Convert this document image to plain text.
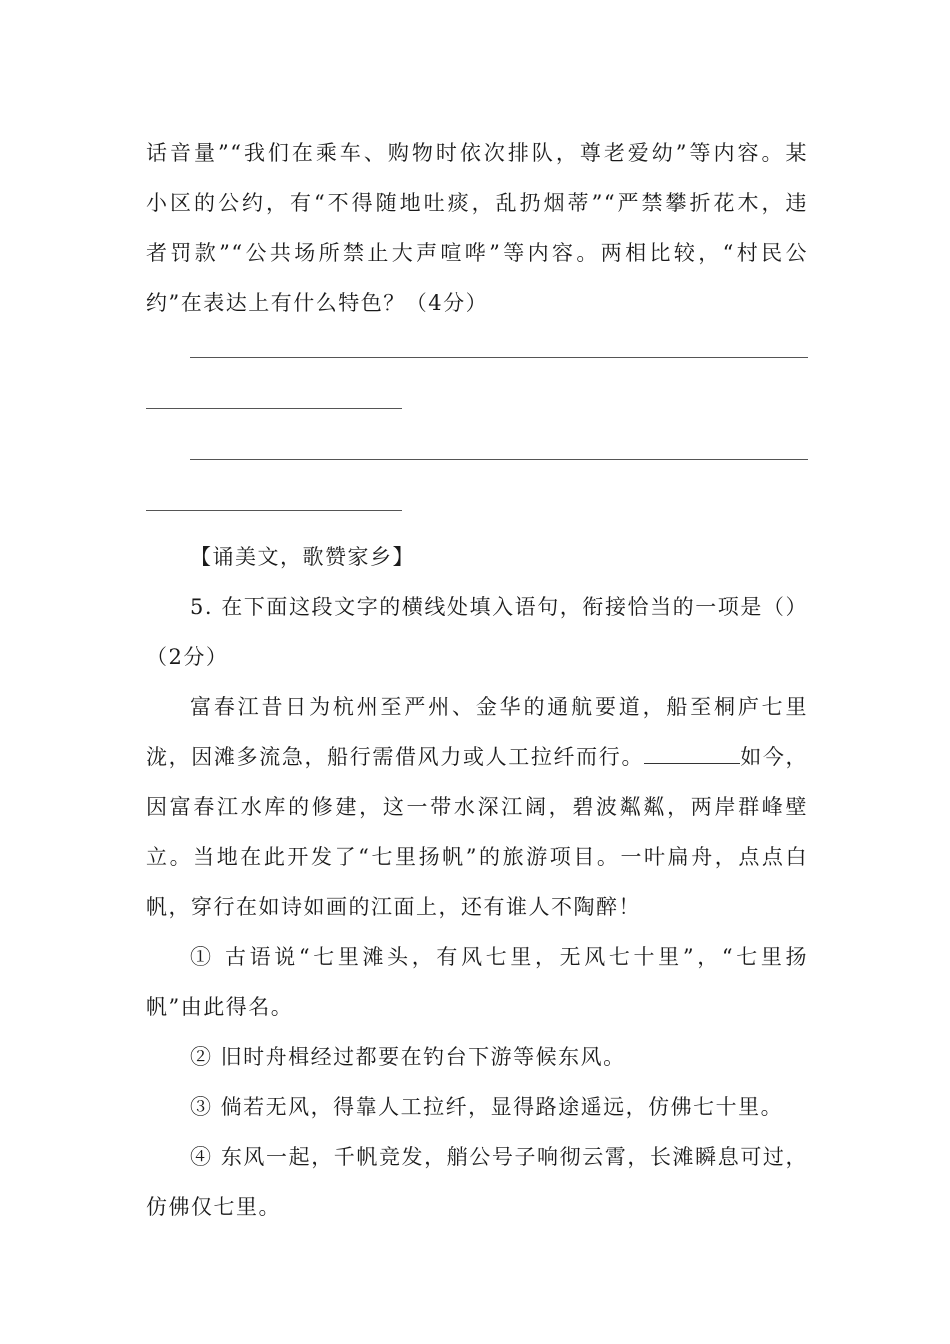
话音量”“我们在乘车、购物时依次排队，尊老爱幼”等内容。某
小区的公约，有“不得随地吐痰，乱扔烟蒂”“严禁攀折花木，违
者罚款”“公共场所禁止大声喧哗”等内容。两相比较，“村民公
约”在表达上有什么特色？（4分）
【诵美文，歌赞家乡】
5. 在下面这段文字的横线处填入语句，衔接恰当的一项是（）
（2分）
富春江昔日为杭州至严州、金华的通航要道，船至桐庐七里
泷，因滩多流急，船行需借风力或人工拉纤而行。	如今，
因富春江水库的修建，这一带水深江阔，碧波粼粼，两岸群峰壁
立。当地在此开发了“七里扬帆”的旅游项目。一叶扁舟，点点白
帆，穿行在如诗如画的江面上，还有谁人不陶醉！
① 古语说“七里滩头，有风七里，无风七十里”，“七里扬
帆”由此得名。
② 旧时舟楫经过都要在钓台下游等候东风。
③ 倘若无风，得靠人工拉纤，显得路途遥远，仿佛七十里。
④ 东风一起，千帆竞发，艄公号子响彻云霄，长滩瞬息可过，
仿佛仅七里。
